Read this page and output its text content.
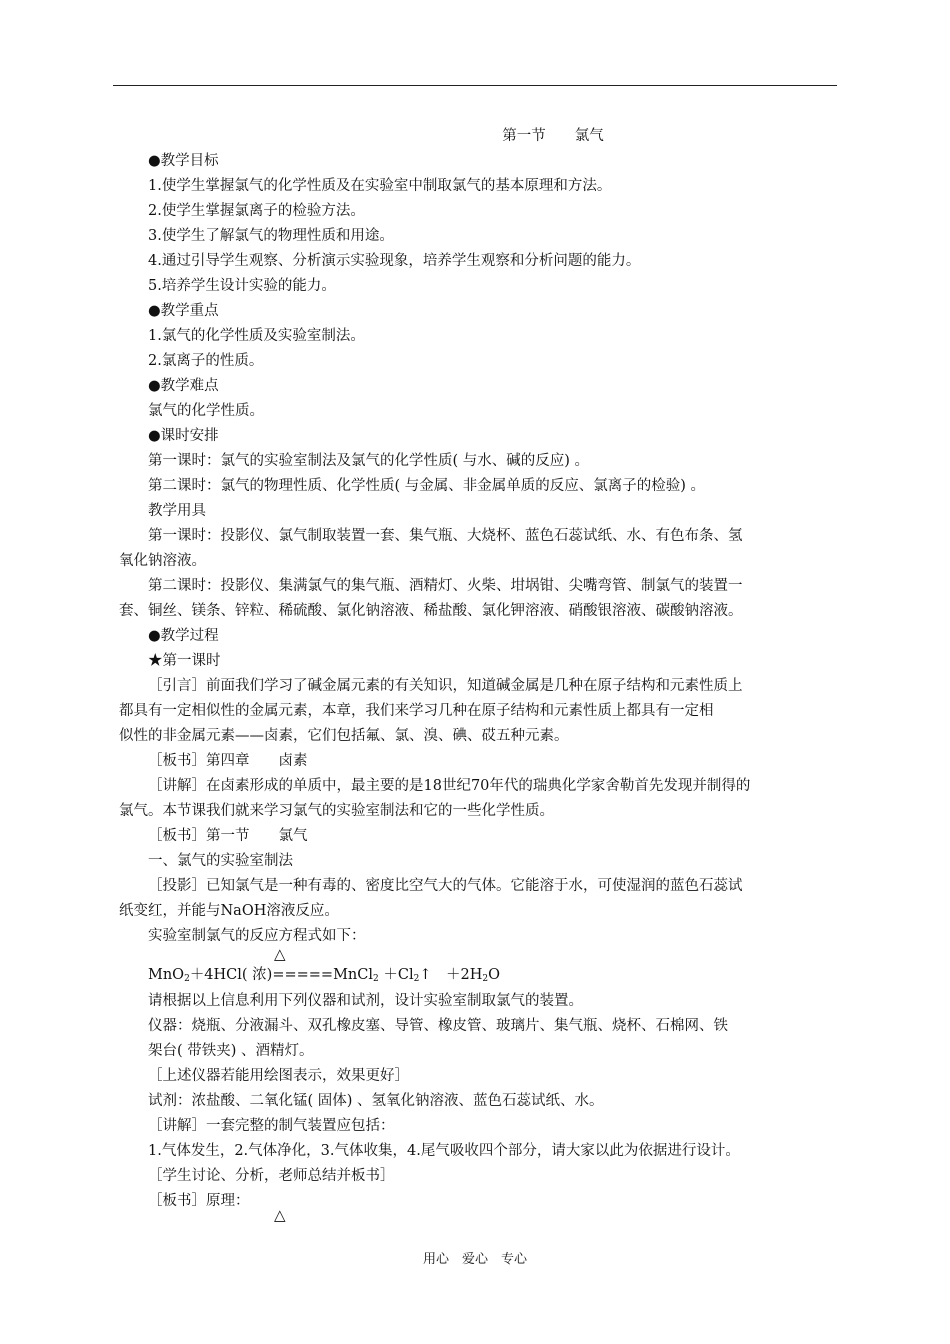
第一节　　氯气
●教学目标
1.使学生掌握氯气的化学性质及在实验室中制取氯气的基本原理和方法。
2.使学生掌握氯离子的检验方法。
3.使学生了解氯气的物理性质和用途。
4.通过引导学生观察、分析演示实验现象，培养学生观察和分析问题的能力。
5.培养学生设计实验的能力。
●教学重点
1.氯气的化学性质及实验室制法。
2.氯离子的性质。
●教学难点
氯气的化学性质。
●课时安排
第一课时：氯气的实验室制法及氯气的化学性质( 与水、碱的反应) 。
第二课时：氯气的物理性质、化学性质( 与金属、非金属单质的反应、氯离子的检验) 。
教学用具
第一课时：投影仪、氯气制取装置一套、集气瓶、大烧杯、蓝色石蕊试纸、水、有色布条、氢
氧化钠溶液。
第二课时：投影仪、集满氯气的集气瓶、酒精灯、火柴、坩埚钳、尖嘴弯管、制氯气的装置一
套、铜丝、镁条、锌粒、稀硫酸、氯化钠溶液、稀盐酸、氯化钾溶液、硝酸银溶液、碳酸钠溶液。
●教学过程
★第一课时
［引言］前面我们学习了碱金属元素的有关知识，知道碱金属是几种在原子结构和元素性质上
都具有一定相似性的金属元素，本章，我们来学习几种在原子结构和元素性质上都具有一定相
似性的非金属元素——卤素，它们包括氟、氯、溴、碘、砹五种元素。
［板书］第四章　　卤素
［讲解］在卤素形成的单质中，最主要的是18世纪70年代的瑞典化学家舍勒首先发现并制得的
氯气。本节课我们就来学习氯气的实验室制法和它的一些化学性质。
［板书］第一节　　氯气
一、氯气的实验室制法
［投影］已知氯气是一种有毒的、密度比空气大的气体。它能溶于水，可使湿润的蓝色石蕊试
纸变红，并能与NaOH溶液反应。
实验室制氯气的反应方程式如下：
△
MnO$_2$＋4HCl( 浓)=====MnCl$_2$ $+Cl_2↑$　$+2H_2O$
请根据以上信息利用下列仪器和试剂，设计实验室制取氯气的装置。
仪器：烧瓶、分液漏斗、双孔橡皮塞、导管、橡皮管、玻璃片、集气瓶、烧杯、石棉网、铁
架台( 带铁夹) 、酒精灯。
［上述仪器若能用绘图表示，效果更好］
试剂：浓盐酸、二氧化锰( 固体) 、氢氧化钠溶液、蓝色石蕊试纸、水。
［讲解］一套完整的制气装置应包括：
1.气体发生，2.气体净化，3.气体收集，4.尾气吸收四个部分，请大家以此为依据进行设计。
［学生讨论、分析，老师总结并板书］
［板书］原理：
△
用心　爱心　专心
